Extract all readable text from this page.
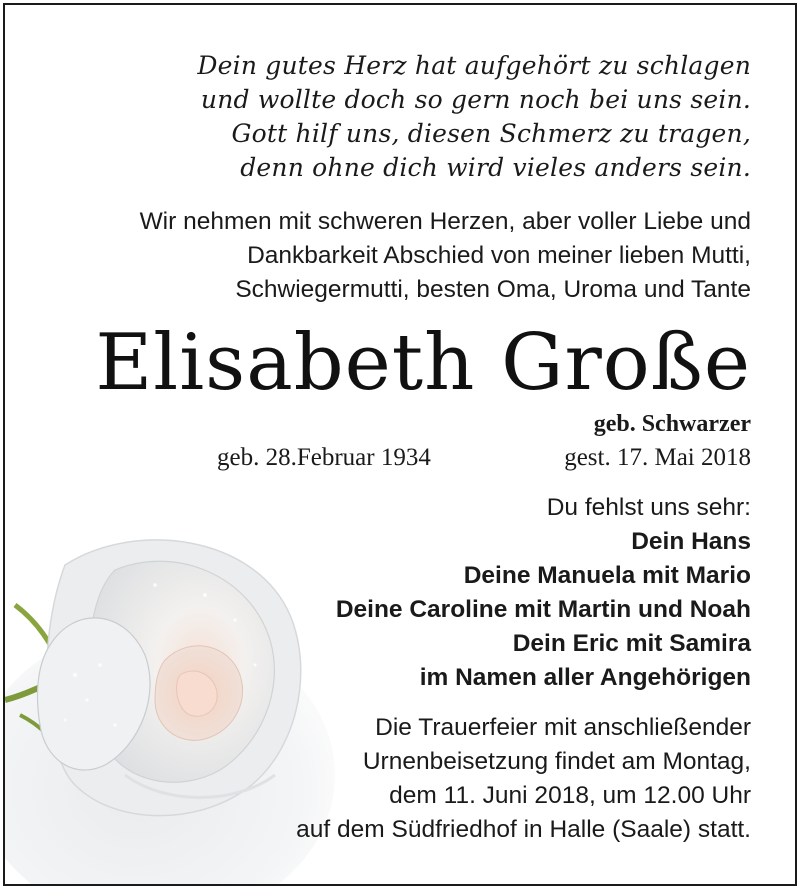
Dein gutes Herz hat aufgehört zu schlagen
und wollte doch so gern noch bei uns sein.
Gott hilf uns, diesen Schmerz zu tragen,
denn ohne dich wird vieles anders sein.
Wir nehmen mit schweren Herzen, aber voller Liebe und
Dankbarkeit Abschied von meiner lieben Mutti,
Schwiegermutti, besten Oma, Uroma und Tante
Elisabeth Große
geb. Schwarzer
geb. 28.Februar 1934	gest. 17. Mai 2018
Du fehlst uns sehr:
Dein Hans
Deine Manuela mit Mario
Deine Caroline mit Martin und Noah
Dein Eric mit Samira
im Namen aller Angehörigen
Die Trauerfeier mit anschließender
Urnenbeisetzung findet am Montag,
dem 11. Juni 2018, um 12.00 Uhr
auf dem Südfriedhof in Halle (Saale) statt.
